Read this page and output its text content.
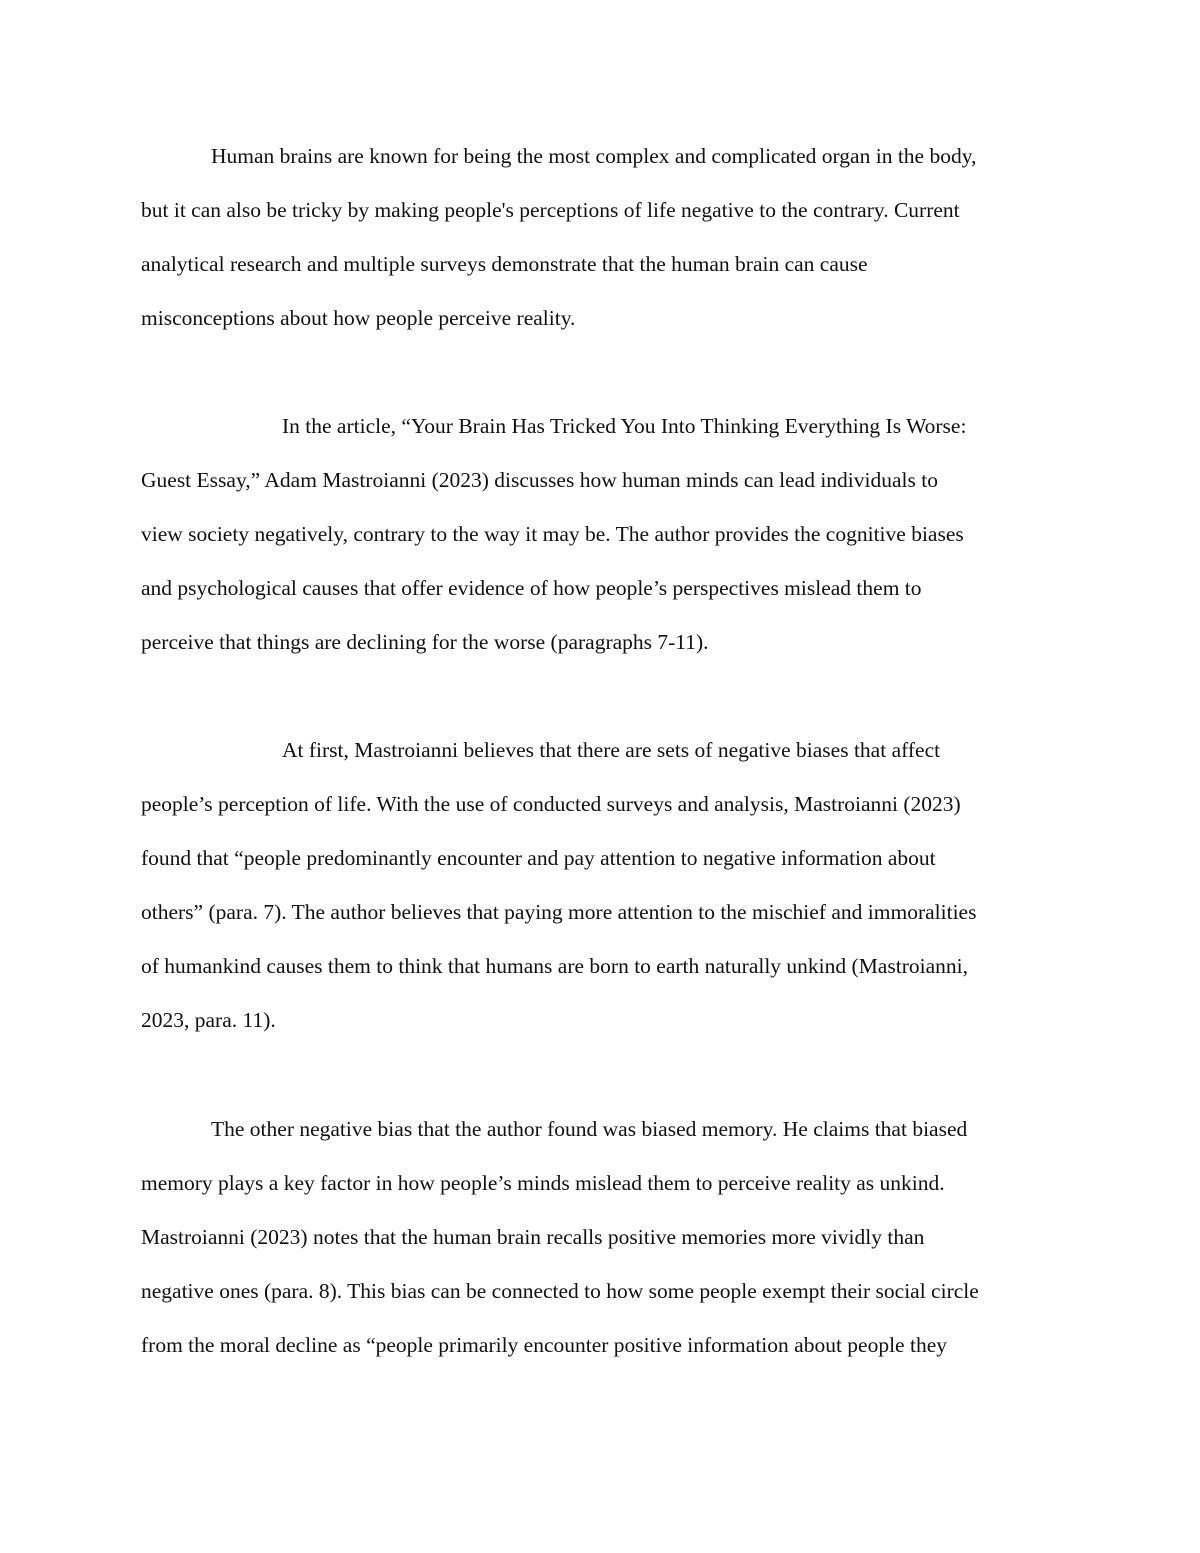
Human brains are known for being the most complex and complicated organ in the body,

but it can also be tricky by making people's perceptions of life negative to the contrary. Current

analytical research and multiple surveys demonstrate that the human brain can cause

misconceptions about how people perceive reality.

In the article, “Your Brain Has Tricked You Into Thinking Everything Is Worse:

Guest Essay,” Adam Mastroianni (2023) discusses how human minds can lead individuals to

view society negatively, contrary to the way it may be. The author provides the cognitive biases

and psychological causes that offer evidence of how people’s perspectives mislead them to

perceive that things are declining for the worse (paragraphs 7-11).

At first, Mastroianni believes that there are sets of negative biases that affect

people’s perception of life. With the use of conducted surveys and analysis, Mastroianni (2023)

found that “people predominantly encounter and pay attention to negative information about

others” (para. 7). The author believes that paying more attention to the mischief and immoralities

of humankind causes them to think that humans are born to earth naturally unkind (Mastroianni,

2023, para. 11).

The other negative bias that the author found was biased memory. He claims that biased

memory plays a key factor in how people’s minds mislead them to perceive reality as unkind.

Mastroianni (2023) notes that the human brain recalls positive memories more vividly than

negative ones (para. 8). This bias can be connected to how some people exempt their social circle

from the moral decline as “people primarily encounter positive information about people they
